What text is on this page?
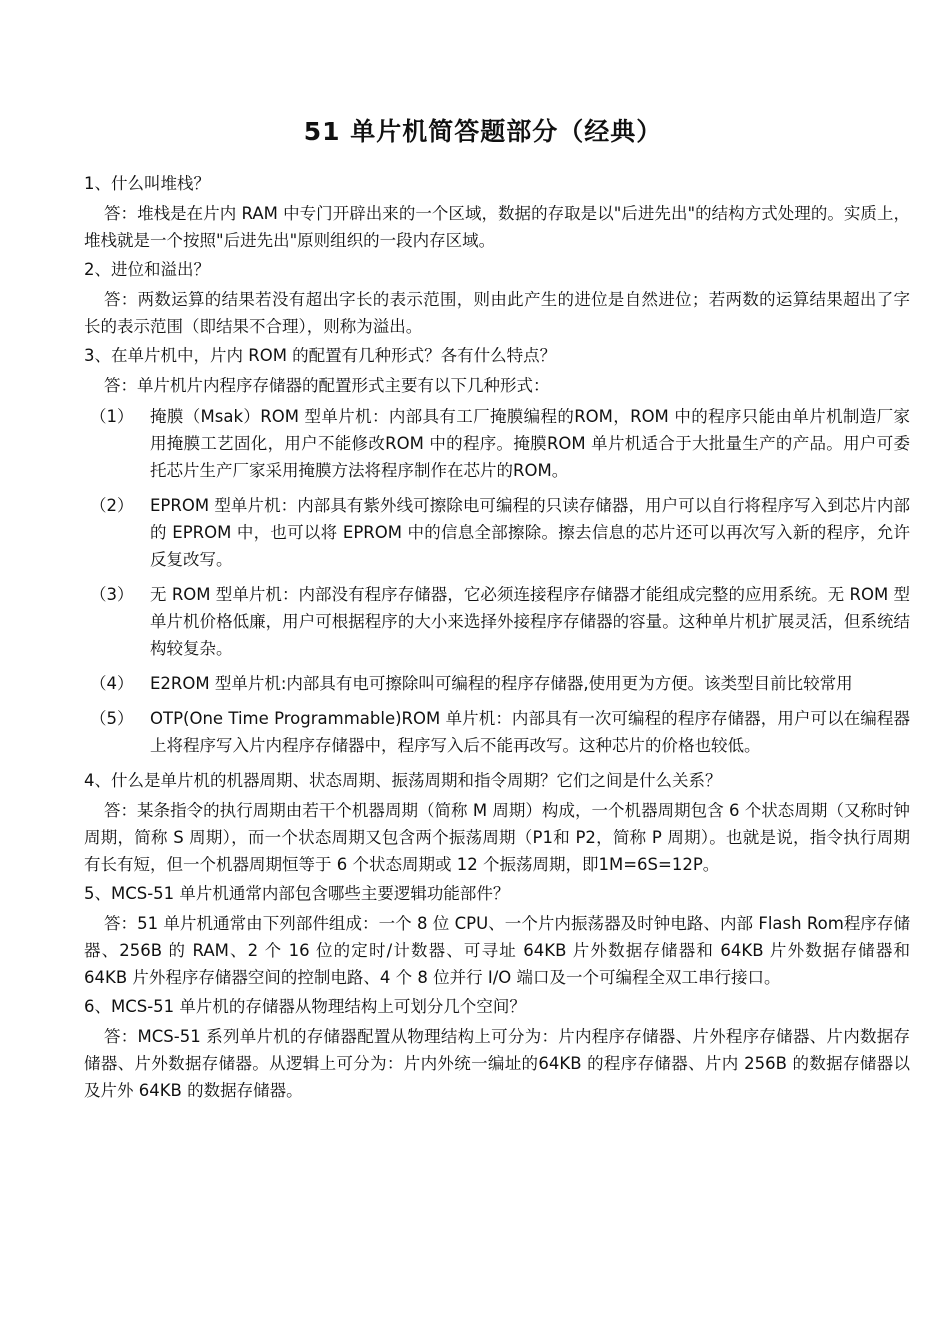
51 单片机简答题部分（经典）

1、什么叫堆栈？

答：堆栈是在片内 RAM 中专门开辟出来的一个区域，数据的存取是以"后进先出"的结构方式处理的。实质上，堆栈就是一个按照"后进先出"原则组织的一段内存区域。

2、进位和溢出？

答：两数运算的结果若没有超出字长的表示范围，则由此产生的进位是自然进位；若两数的运算结果超出了字长的表示范围（即结果不合理），则称为溢出。

3、在单片机中，片内 ROM 的配置有几种形式？各有什么特点？

答：单片机片内程序存储器的配置形式主要有以下几种形式：

（1）	掩膜（Msak）ROM 型单片机：内部具有工厂掩膜编程的ROM，ROM 中的程序只能由单片机制造厂家用掩膜工艺固化，用户不能修改ROM 中的程序。掩膜ROM 单片机适合于大批量生产的产品。用户可委托芯片生产厂家采用掩膜方法将程序制作在芯片的ROM。
（2）	EPROM 型单片机：内部具有紫外线可擦除电可编程的只读存储器，用户可以自行将程序写入到芯片内部的 EPROM 中，也可以将 EPROM 中的信息全部擦除。擦去信息的芯片还可以再次写入新的程序，允许反复改写。
（3）	无 ROM 型单片机：内部没有程序存储器，它必须连接程序存储器才能组成完整的应用系统。无 ROM 型单片机价格低廉，用户可根据程序的大小来选择外接程序存储器的容量。这种单片机扩展灵活，但系统结构较复杂。
（4）	E2ROM 型单片机:内部具有电可擦除叫可编程的程序存储器,使用更为方便。该类型目前比较常用
（5）	OTP(One Time Programmable)ROM 单片机：内部具有一次可编程的程序存储器，用户可以在编程器上将程序写入片内程序存储器中，程序写入后不能再改写。这种芯片的价格也较低。

4、什么是单片机的机器周期、状态周期、振荡周期和指令周期？它们之间是什么关系？

答：某条指令的执行周期由若干个机器周期（简称 M 周期）构成，一个机器周期包含 6 个状态周期（又称时钟周期，简称 S 周期），而一个状态周期又包含两个振荡周期（P1和 P2，简称 P 周期）。也就是说，指令执行周期有长有短，但一个机器周期恒等于 6 个状态周期或 12 个振荡周期，即1M=6S=12P。

5、MCS-51 单片机通常内部包含哪些主要逻辑功能部件？

答：51 单片机通常由下列部件组成：一个 8 位 CPU、一个片内振荡器及时钟电路、内部 Flash Rom程序存储器、256B 的 RAM、2 个 16 位的定时/计数器、可寻址 64KB 片外数据存储器和 64KB 片外数据存储器和 64KB 片外程序存储器空间的控制电路、4 个 8 位并行 I/O 端口及一个可编程全双工串行接口。

6、MCS-51 单片机的存储器从物理结构上可划分几个空间？

答：MCS-51 系列单片机的存储器配置从物理结构上可分为：片内程序存储器、片外程序存储器、片内数据存储器、片外数据存储器。从逻辑上可分为：片内外统一编址的64KB 的程序存储器、片内 256B 的数据存储器以及片外 64KB 的数据存储器。
